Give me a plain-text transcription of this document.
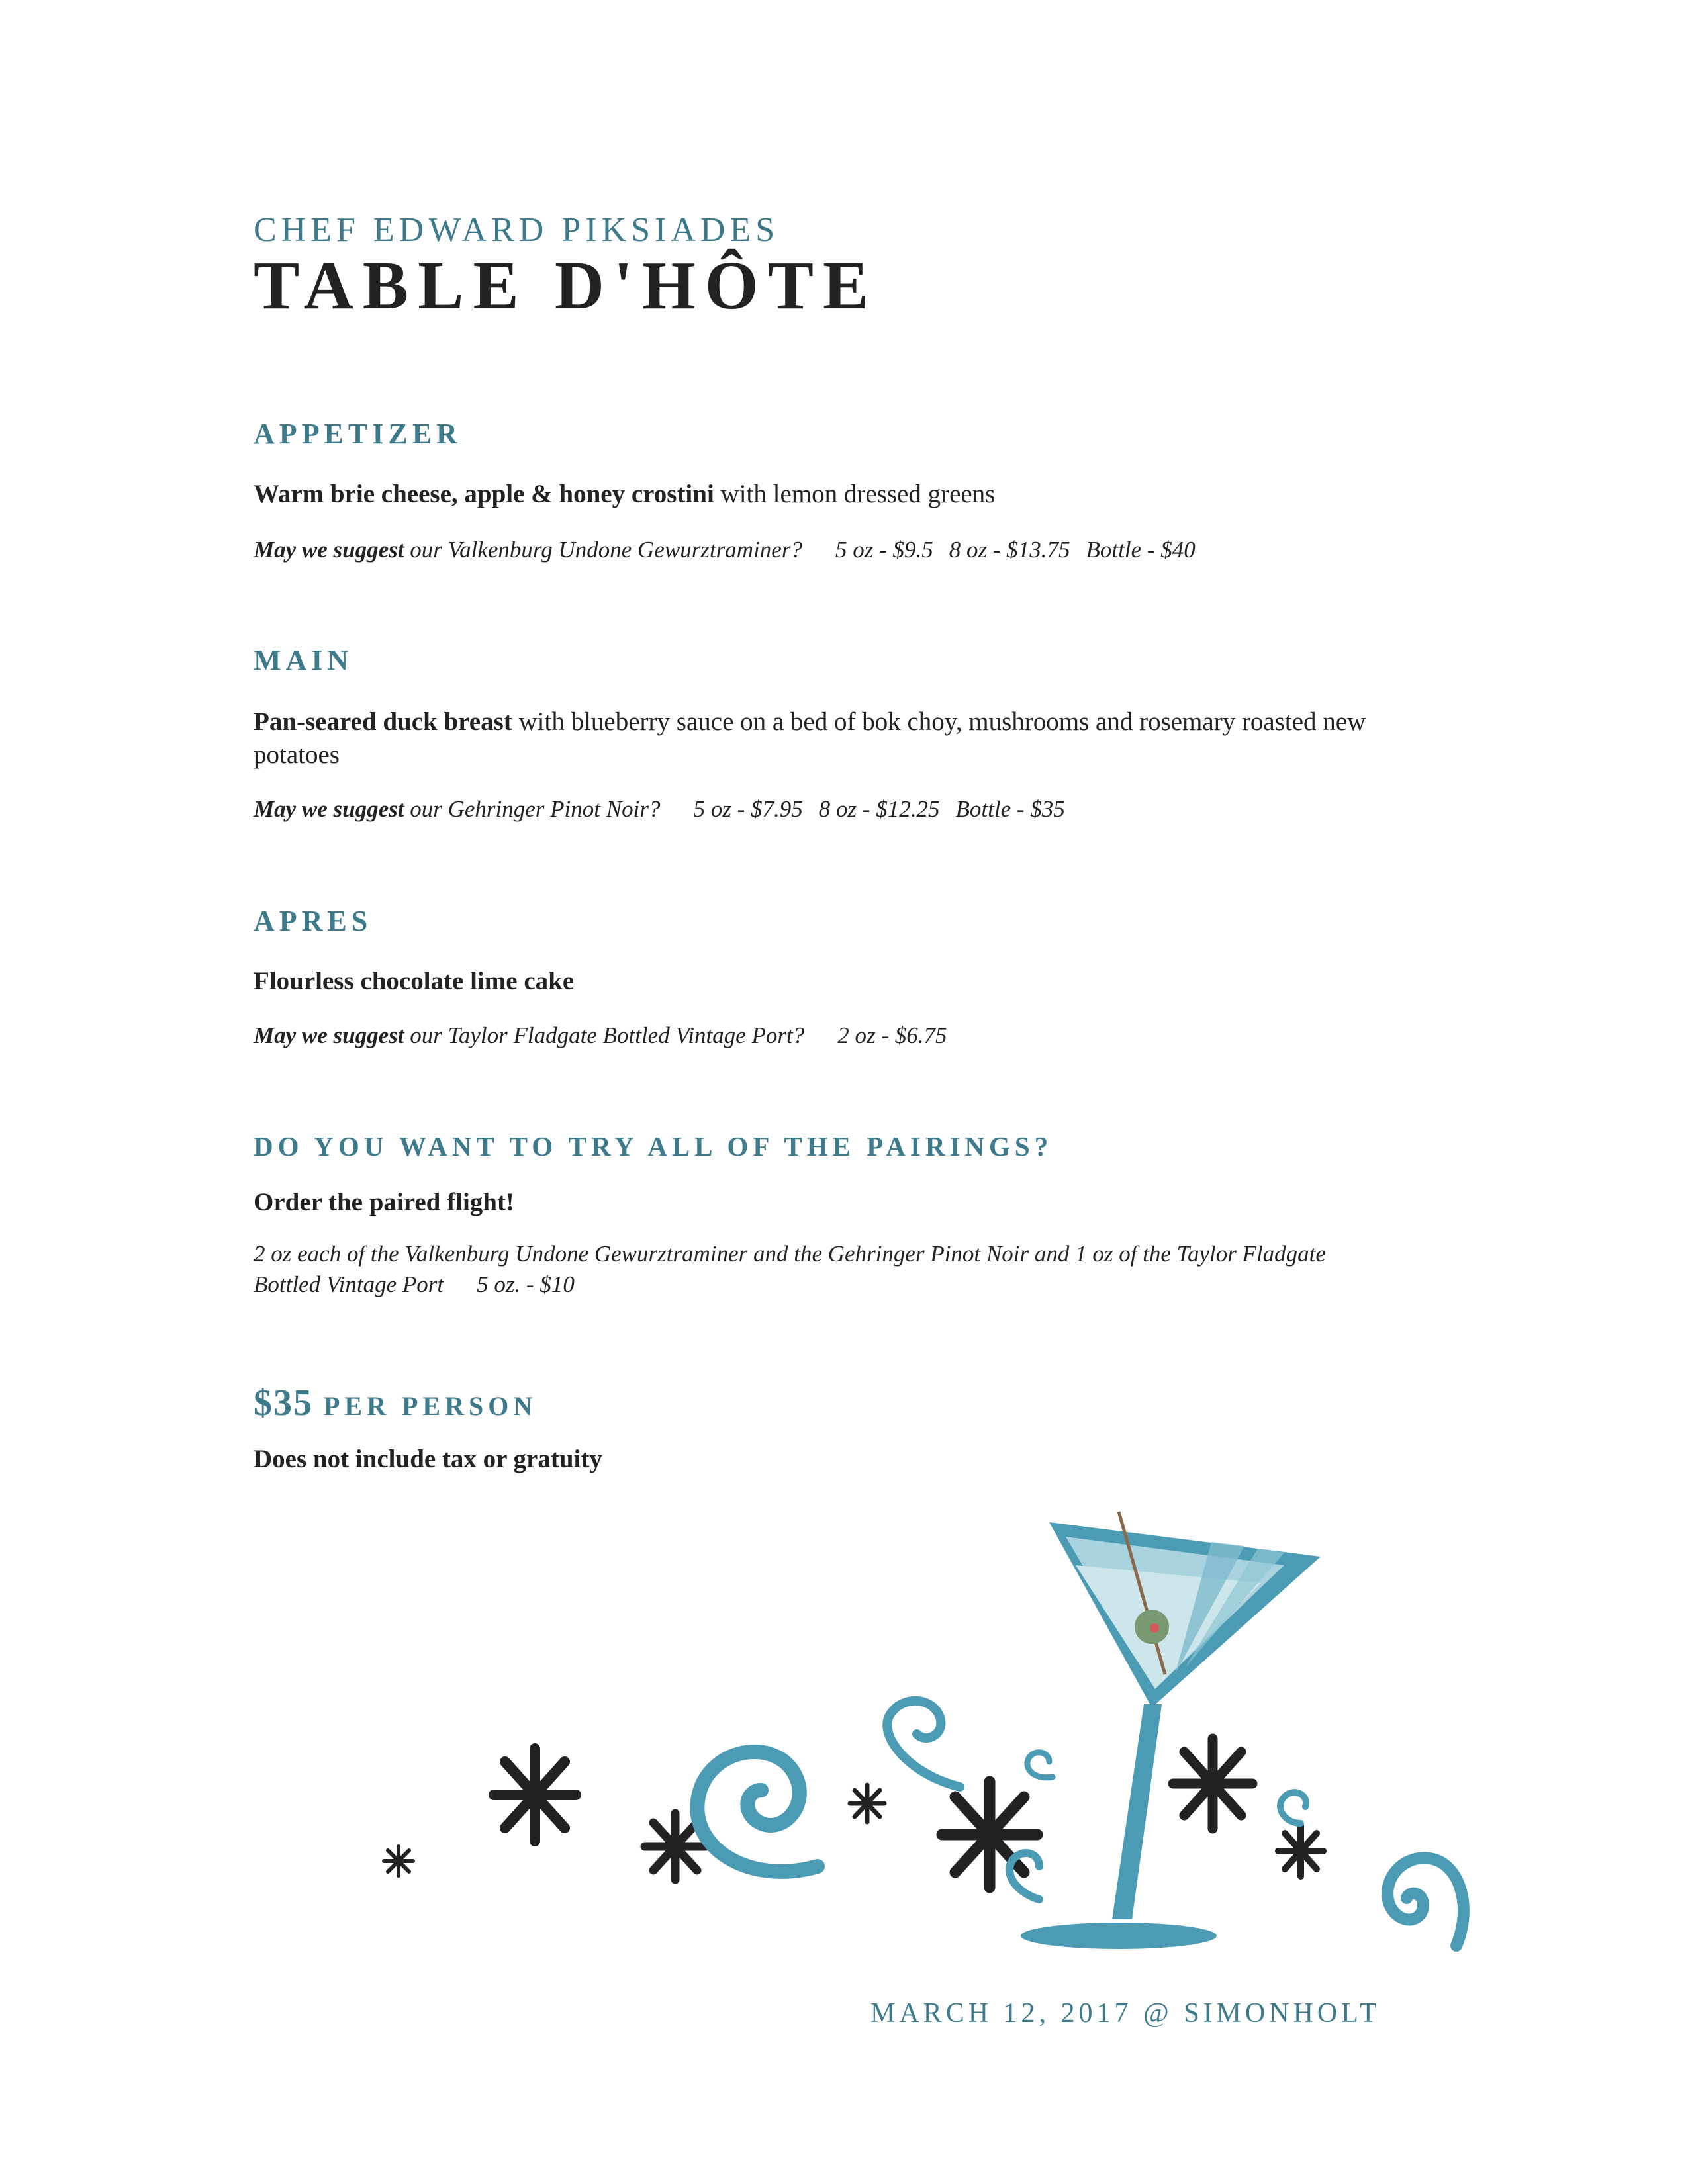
CHEF EDWARD PIKSIADES
TABLE D'HÔTE
APPETIZER
Warm brie cheese, apple & honey crostini with lemon dressed greens
May we suggest our Valkenburg Undone Gewurztraminer? 5 oz - $9.5 8 oz - $13.75 Bottle - $40
MAIN
Pan-seared duck breast with blueberry sauce on a bed of bok choy, mushrooms and rosemary roasted new potatoes
May we suggest our Gehringer Pinot Noir? 5 oz - $7.95 8 oz - $12.25 Bottle - $35
APRES
Flourless chocolate lime cake
May we suggest our Taylor Fladgate Bottled Vintage Port? 2 oz - $6.75
DO YOU WANT TO TRY ALL OF THE PAIRINGS?
Order the paired flight!
2 oz each of the Valkenburg Undone Gewurztraminer and the Gehringer Pinot Noir and 1 oz of the Taylor Fladgate Bottled Vintage Port 5 oz. - $10
$35 PER PERSON
Does not include tax or gratuity
MARCH 12, 2017 @ SIMONHOLT
